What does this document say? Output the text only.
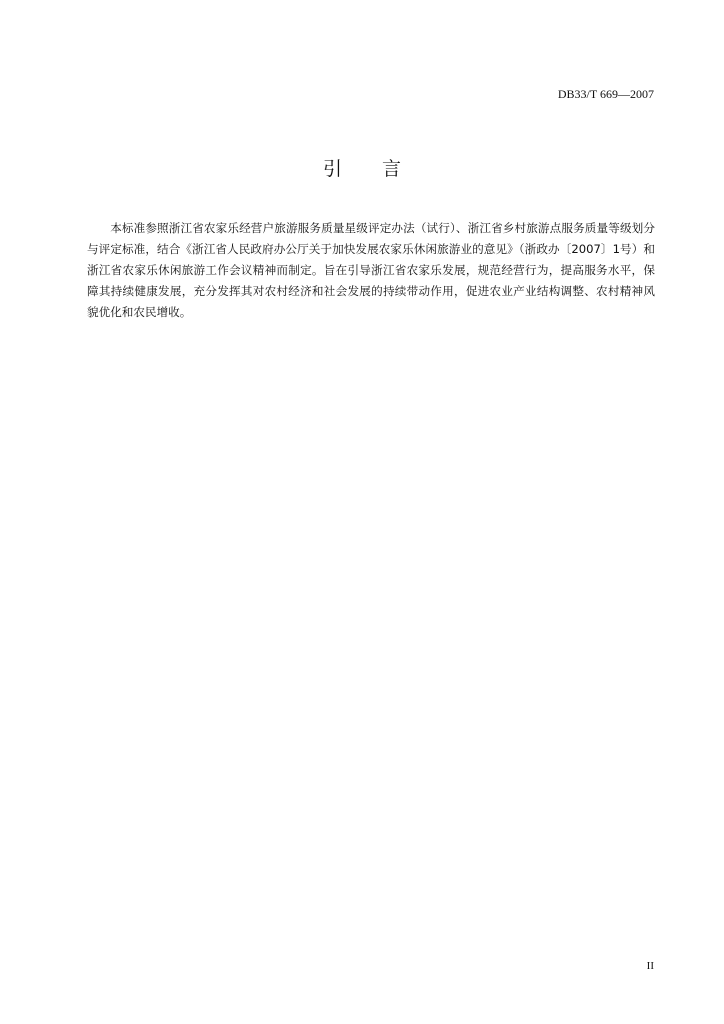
DB33/T 669—2007
引 言

本标准参照浙江省农家乐经营户旅游服务质量星级评定办法（试行）、浙江省乡村旅游点服务质量等级划分与评定标准，结合《浙江省人民政府办公厅关于加快发展农家乐休闲旅游业的意见》（浙政办〔2007〕1号）和浙江省农家乐休闲旅游工作会议精神而制定。旨在引导浙江省农家乐发展，规范经营行为，提高服务水平，保障其持续健康发展，充分发挥其对农村经济和社会发展的持续带动作用，促进农业产业结构调整、农村精神风貌优化和农民增收。

II
